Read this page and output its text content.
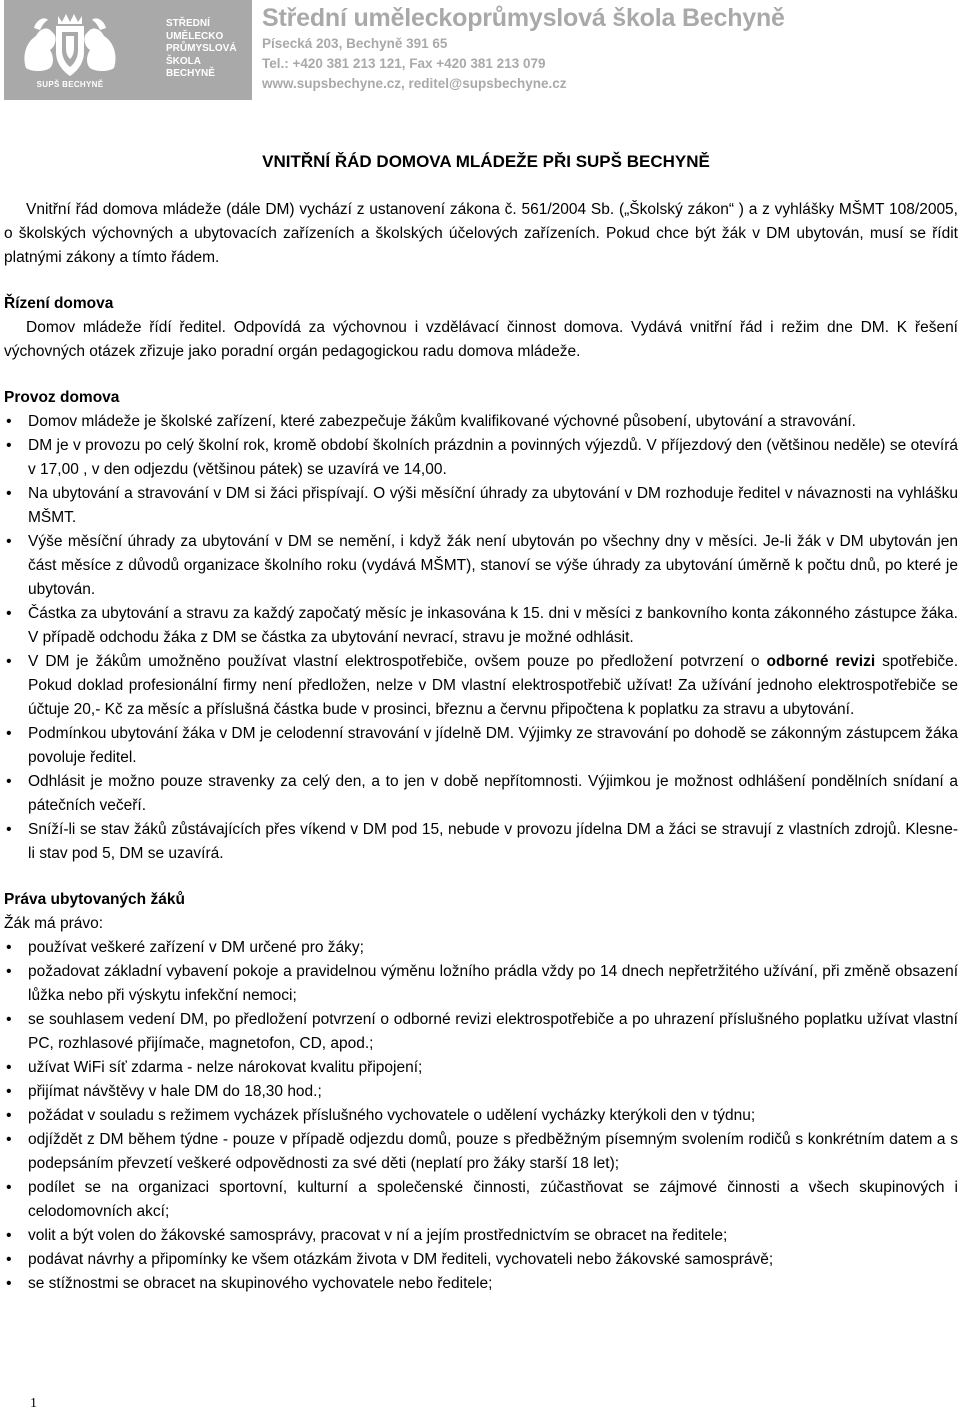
SUPŠ BECHYNĚ
STŘEDNÍ
UMĚLECKO
PRŮMYSLOVÁ
ŠKOLA
BECHYNĚ
Střední uměleckoprůmyslová škola Bechyně
Písecká 203, Bechyně 391 65
Tel.: +420 381 213 121, Fax +420 381 213 079
www.supsbechyne.cz, reditel@supsbechyne.cz
VNITŘNÍ ŘÁD DOMOVA MLÁDEŽE PŘI SUPŠ BECHYNĚ

Vnitřní řád domova mládeže (dále DM) vychází z ustanovení zákona č. 561/2004 Sb. („Školský zákon“ ) a z vyhlášky MŠMT 108/2005, o školských výchovných a ubytovacích zařízeních a školských účelových zařízeních. Pokud chce být žák v DM ubytován, musí se řídit platnými zákony a tímto řádem.

Řízení domova

Domov mládeže řídí ředitel. Odpovídá za výchovnou i vzdělávací činnost domova. Vydává vnitřní řád i režim dne DM. K řešení výchovných otázek zřizuje jako poradní orgán pedagogickou radu domova mládeže.

Provoz domova
• Domov mládeže je školské zařízení, které zabezpečuje žákům kvalifikované výchovné působení, ubytování a stravování.
• DM je v provozu po celý školní rok, kromě období školních prázdnin a povinných výjezdů. V příjezdový den (většinou neděle) se otevírá v 17,00 , v den odjezdu (většinou pátek) se uzavírá ve 14,00.
• Na ubytování a stravování v DM si žáci přispívají. O výši měsíční úhrady za ubytování v DM rozhoduje ředitel v návaznosti na vyhlášku MŠMT.
• Výše měsíční úhrady za ubytování v DM se nemění, i když žák není ubytován po všechny dny v měsíci. Je-li žák v DM ubytován jen část měsíce z důvodů organizace školního roku (vydává MŠMT), stanoví se výše úhrady za ubytování úměrně k počtu dnů, po které je ubytován.
• Částka za ubytování a stravu za každý započatý měsíc je inkasována k 15. dni v měsíci z bankovního konta zákonného zástupce žáka. V případě odchodu žáka z DM se částka za ubytování nevrací, stravu je možné odhlásit.
• V DM je žákům umožněno používat vlastní elektrospotřebiče, ovšem pouze po předložení potvrzení o odborné revizi spotřebiče. Pokud doklad profesionální firmy není předložen, nelze v DM vlastní elektrospotřebič užívat! Za užívání jednoho elektrospotřebiče se účtuje 20,- Kč za měsíc a příslušná částka bude v prosinci, březnu a červnu připočtena k poplatku za stravu a ubytování.
• Podmínkou ubytování žáka v DM je celodenní stravování v jídelně DM. Výjimky ze stravování po dohodě se zákonným zástupcem žáka povoluje ředitel.
• Odhlásit je možno pouze stravenky za celý den, a to jen v době nepřítomnosti. Výjimkou je možnost odhlášení pondělních snídaní a pátečních večeří.
• Sníží-li se stav žáků zůstávajících přes víkend v DM pod 15, nebude v provozu jídelna DM a žáci se stravují z vlastních zdrojů. Klesne-li stav pod 5, DM se uzavírá.
Práva ubytovaných žáků

Žák má právo:

• používat veškeré zařízení v DM určené pro žáky;
• požadovat základní vybavení pokoje a pravidelnou výměnu ložního prádla vždy po 14 dnech nepřetržitého užívání, při změně obsazení lůžka nebo při výskytu infekční nemoci;
• se souhlasem vedení DM, po předložení potvrzení o odborné revizi elektrospotřebiče a po uhrazení příslušného poplatku užívat vlastní PC, rozhlasové přijímače, magnetofon, CD, apod.;
• užívat WiFi síť zdarma - nelze nárokovat kvalitu připojení;
• přijímat návštěvy v hale DM do 18,30 hod.;
• požádat v souladu s režimem vycházek příslušného vychovatele o udělení vycházky kterýkoli den v týdnu;
• odjíždět z DM během týdne - pouze v případě odjezdu domů, pouze s předběžným písemným svolením rodičů s konkrétním datem a s podepsáním převzetí veškeré odpovědnosti za své děti (neplatí pro žáky starší 18 let);
• podílet se na organizaci sportovní, kulturní a společenské činnosti, zúčastňovat se zájmové činnosti a všech skupinových i celodomovních akcí;
• volit a být volen do žákovské samosprávy, pracovat v ní a jejím prostřednictvím se obracet na ředitele;
• podávat návrhy a připomínky ke všem otázkám života v DM řediteli, vychovateli nebo žákovské samosprávě;
• se stížnostmi se obracet na skupinového vychovatele nebo ředitele;
1
